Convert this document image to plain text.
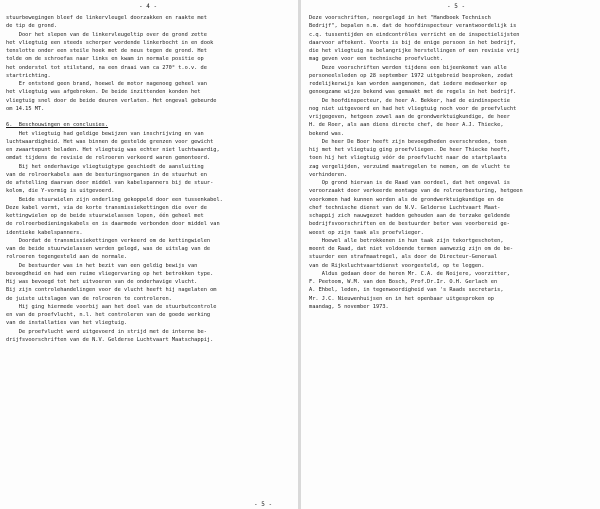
- 4 -
stuurbewegingen bleef de linkervleugel doorzakken en raakte met
de tip de grond.
Door het slepen van de linkervleugeltip over de grond zette
het vliegtuig een steeds scherper wordende linkerbocht in en dook
tenslotte onder een steile hoek met de neus tegen de grond. Het
tolde om de schroefas naar links en kwam in normale positie op
het onderstel tot stilstand, na een draai van ca 270° t.o.v. de
startrichting.
Er ontstond geen brand, hoewel de motor nagenoeg geheel van
het vliegtuig was afgebroken. De beide inzittenden konden het
vliegtuig snel door de beide deuren verlaten. Het ongeval gebeurde
om 14.15 MT.
6.  Beschouwingen en conclusies.
Het vliegtuig had geldige bewijzen van inschrijving en van
luchtwaardigheid. Het was binnen de gestelde grenzen voor gewicht
en zwaartepunt beladen. Het vliegtuig was echter niet luchtwaardig,
omdat tijdens de revisie de rolroeren verkeerd waren gemonteerd.
Bij het onderhavige vliegtuigtype geschiedt de aansluiting
van de rolroerkabels aan de besturingsorganen in de stuurhut en
de afstelling daarvan door middel van kabelspanners bij de stuur-
kolom, die Y-vormig is uitgevoerd.
Beide stuurwielen zijn onderling gekoppeld door een tussenkabel.
Deze kabel vormt, via de korte transmissiekettingen die over de
kettingwielen op de beide stuurwielassen lopen, één geheel met
de rolroerbedieningskabels en is daarmede verbonden door middel van
identieke kabelspanners.
Doordat de transmissiekettingen verkeerd om de kettingwielen
van de beide stuurwielassen werden gelegd, was de uitslag van de
rolroeren tegengesteld aan de normale.
De bestuurder was in het bezit van een geldig bewijs van
bevoegdheid en had een ruime vliegervaring op het betrokken type.
Hij was bevoegd tot het uitvoeren van de onderhavige vlucht.
Bij zijn controlehandelingen voor de vlucht heeft hij nagelaten om
de juiste uitslagen van de rolroeren te controleren.
Hij ging hiermede voorbij aan het doel van de stuurbutcontrole
en van de proefvlucht, n.l. het controleren van de goede werking
van de installaties van het vliegtuig.
De proefvlucht werd uitgevoerd in strijd met de interne be-
drijfsvoorschriften van de N.V. Gelderse Luchtvaart Maatschappij.
- 5 -
- 5 -
Deze voorschriften, neergelegd in het "Handboek Technisch
Bedrijf", bepalen n.m. dat de hoofdinspecteur verantwoordelijk is
c.q. tussentijden en eindcontrôles verricht en de inspectielijsten
daarvoor aftekent. Voorts is bij de enige persoon in het bedrijf,
die het vliegtuig na belangrijke herstellingen of een revisie vrij
mag geven voor een technische proefvlucht.
Deze voorschriften werden tijdens een bijeenkomst van alle
personeelsleden op 28 september 1972 uitgebreid besproken, zodat
redelijkerwijs kan worden aangenomen, dat iedere medewerker op
genoegzame wijze bekend was gemaakt met de regels in het bedrijf.
De hoofdinspecteur, de heer A. Bekker, had de eindinspectie
nog niet uitgevoerd en had het vliegtuig noch voor de proefvlucht
vrijgegeven, hetgeen zowel aan de grondwerktuigkundige, de heer
H. de Roer, als aan diens directe chef, de heer A.J. Thiecke,
bekend was.
De heer De Boer heeft zijn bevoegdheden overschreden, toen
hij met het vliegtuig ging proefvliegen. De heer Thiecke heeft,
toen hij het vliegtuig vóór de proefvlucht naar de startplaats
zag vergelijden, verzuimd maatregelen te nemen, om de vlucht te
verhinderen.
Op grond hiervan is de Raad van oordeel, dat het ongeval is
veroorzaakt door verkeerde montage van de rolroerbesturing, hetgeen
voorkomen had kunnen worden als de grondwerktuigkundige en de
chef technische dienst van de N.V. Gelderse Luchtvaart Maat-
schappij zich nauwgezet hadden gehouden aan de terzake geldende
bedrijfsvoorschriften en de bestuurder beter was voorbereid ge-
weest op zijn taak als proefvlieger.
Hoewel alle betrokkenen in hun taak zijn tekortgeschoten,
meent de Raad, dat niet voldoende termen aanwezig zijn om de be-
stuurder een strafmaatregel, als door de Directeur-Generaal
van de Rijksluchtvaartdienst voorgesteld, op te leggen.
Aldus gedaan door de heren Mr. C.A. de Noijere, voorzitter,
F. Peetoom, W.M. van den Bosch, Prof.Dr.Ir. O.H. Gerlach en
A. Ehbel, leden, in tegenwoordigheid van 's Raads secretaris,
Mr. J.C. Nieuwenhuijsen en in het openbaar uitgesproken op
maandag, 5 november 1973.
